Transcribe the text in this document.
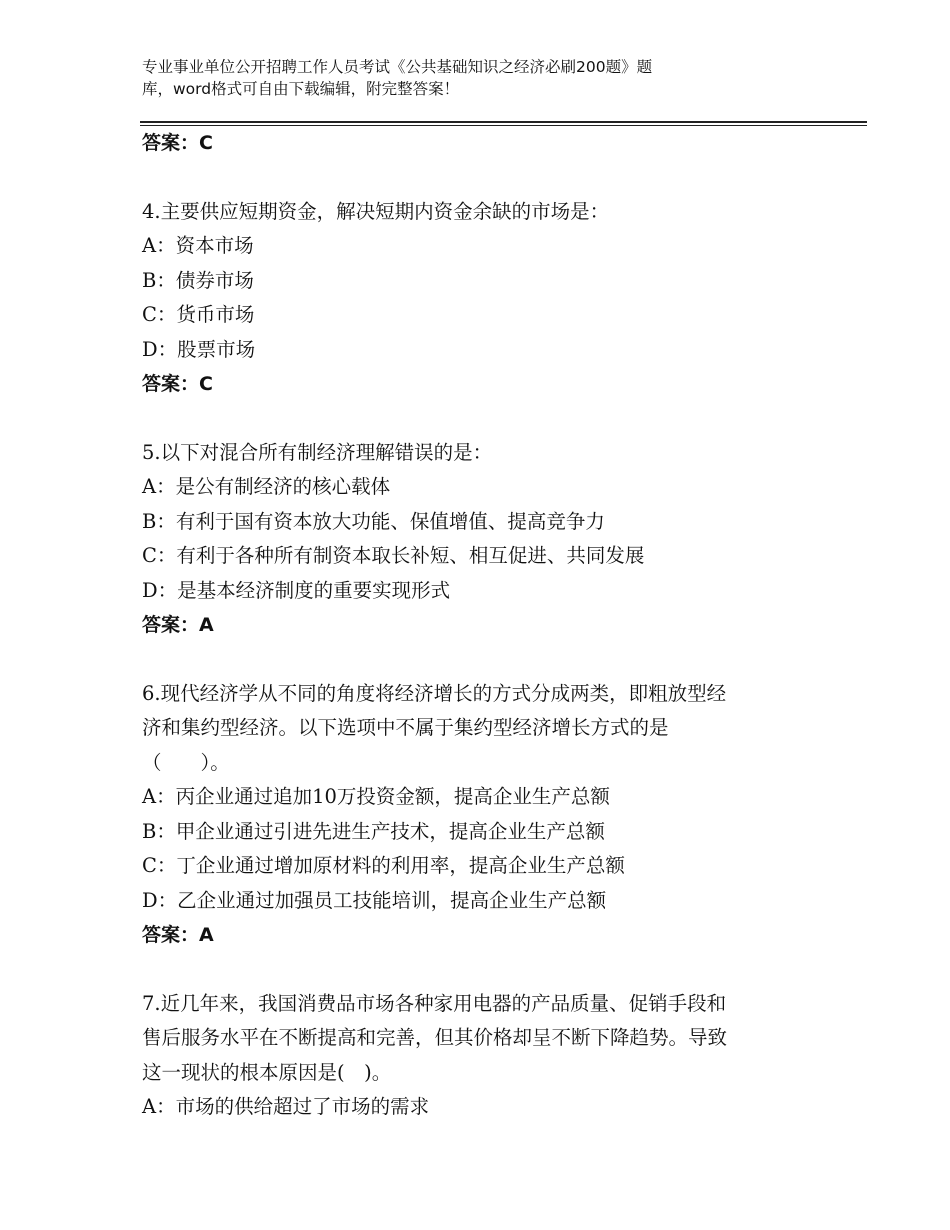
专业事业单位公开招聘工作人员考试《公共基础知识之经济必刷200题》题
库，word格式可自由下载编辑，附完整答案！

答案：C

4.主要供应短期资金，解决短期内资金余缺的市场是：

A：资本市场

B：债券市场

C：货币市场

D：股票市场

答案：C

5.以下对混合所有制经济理解错误的是：

A：是公有制经济的核心载体

B：有利于国有资本放大功能、保值增值、提高竞争力

C：有利于各种所有制资本取长补短、相互促进、共同发展

D：是基本经济制度的重要实现形式

答案：A

6.现代经济学从不同的角度将经济增长的方式分成两类，即粗放型经

济和集约型经济。以下选项中不属于集约型经济增长方式的是

（　　）。

A：丙企业通过追加10万投资金额，提高企业生产总额

B：甲企业通过引进先进生产技术，提高企业生产总额

C：丁企业通过增加原材料的利用率，提高企业生产总额

D：乙企业通过加强员工技能培训，提高企业生产总额

答案：A

7.近几年来，我国消费品市场各种家用电器的产品质量、促销手段和

售后服务水平在不断提高和完善，但其价格却呈不断下降趋势。导致

这一现状的根本原因是(　)。

A：市场的供给超过了市场的需求
